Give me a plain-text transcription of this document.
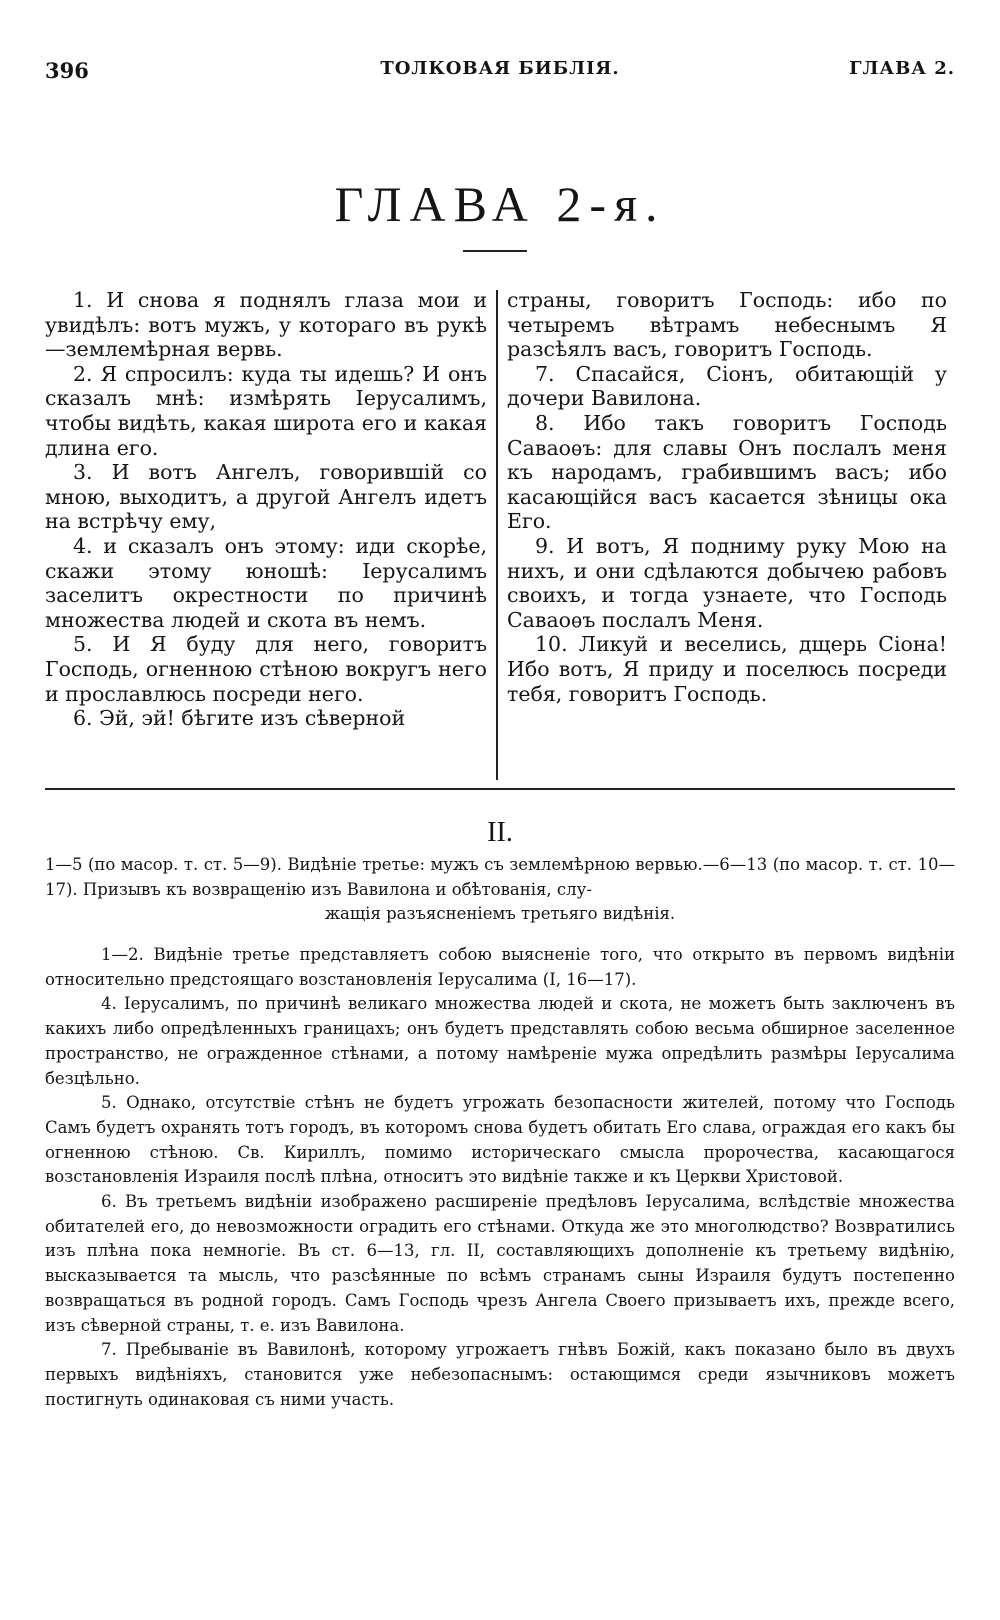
ТОЛКОВАЯ БИБЛІЯ.
396	ГЛАВА 2.
ГЛАВА 2-я.

1. И снова я поднялъ глаза мои и увидѣлъ: вотъ мужъ, у котораго въ рукѣ—землемѣрная вервь.

2. Я спросилъ: куда ты идешь? И онъ сказалъ мнѣ: измѣрять Іерусалимъ, чтобы видѣть, какая широта его и какая длина его.

3. И вотъ Ангелъ, говорившій со мною, выходитъ, а другой Ангелъ идетъ на встрѣчу ему,

4. и сказалъ онъ этому: иди скорѣе, скажи этому юношѣ: Іерусалимъ заселитъ окрестности по причинѣ множества людей и скота въ немъ.

5. И Я буду для него, говоритъ Господь, огненною стѣною вокругъ него и прославлюсь посреди него.

6. Эй, эй! бѣгите изъ сѣверной

страны, говоритъ Господь: ибо по четыремъ вѣтрамъ небеснымъ Я разсѣялъ васъ, говоритъ Господь.

7. Спасайся, Сіонъ, обитающій у дочери Вавилона.

8. Ибо такъ говоритъ Господь Саваоѳъ: для славы Онъ послалъ меня къ народамъ, грабившимъ васъ; ибо касающійся васъ касается зѣницы ока Его.

9. И вотъ, Я подниму руку Мою на нихъ, и они сдѣлаются добычею рабовъ своихъ, и тогда узнаете, что Господь Саваоѳъ послалъ Меня.

10. Ликуй и веселись, дщерь Сіона! Ибо вотъ, Я приду и поселюсь посреди тебя, говоритъ Господь.

II.

1—5 (по масор. т. ст. 5—9). Видѣніе третье: мужъ съ землемѣрною вервью.—6—13 (по масор. т. ст. 10—17). Призывъ къ возвращенію изъ Вавилона и обѣтованія, слу-

жащія разъясненіемъ третьяго видѣнія.

1—2. Видѣніе третье представляетъ собою выясненіе того, что открыто въ первомъ видѣніи относительно предстоящаго возстановленія Іерусалима (I, 16—17).

4. Іерусалимъ, по причинѣ великаго множества людей и скота, не можетъ быть заключенъ въ какихъ либо опредѣленныхъ границахъ; онъ будетъ представлять собою весьма обширное заселенное пространство, не огражденное стѣнами, а потому намѣреніе мужа опредѣлить размѣры Іерусалима безцѣльно.

5. Однако, отсутствіе стѣнъ не будетъ угрожать безопасности жителей, потому что Господь Самъ будетъ охранять тотъ городъ, въ которомъ снова будетъ обитать Его слава, ограждая его какъ бы огненною стѣною. Св. Кириллъ, помимо историческаго смысла пророчества, касающагося возстановленія Израиля послѣ плѣна, относитъ это видѣніе также и къ Церкви Христовой.

6. Въ третьемъ видѣніи изображено расширеніе предѣловъ Іерусалима, вслѣдствіе множества обитателей его, до невозможности оградить его стѣнами. Откуда же это многолюдство? Возвратились изъ плѣна пока немногіе. Въ ст. 6—13, гл. II, составляющихъ дополненіе къ третьему видѣнію, высказывается та мысль, что разсѣянные по всѣмъ странамъ сыны Израиля будутъ постепенно возвращаться въ родной городъ. Самъ Господь чрезъ Ангела Своего призываетъ ихъ, прежде всего, изъ сѣверной страны, т. е. изъ Вавилона.

7. Пребываніе въ Вавилонѣ, которому угрожаетъ гнѣвъ Божій, какъ показано было въ двухъ первыхъ видѣніяхъ, становится уже небезопаснымъ: остающимся среди язычниковъ можетъ постигнуть одинаковая съ ними участь.
